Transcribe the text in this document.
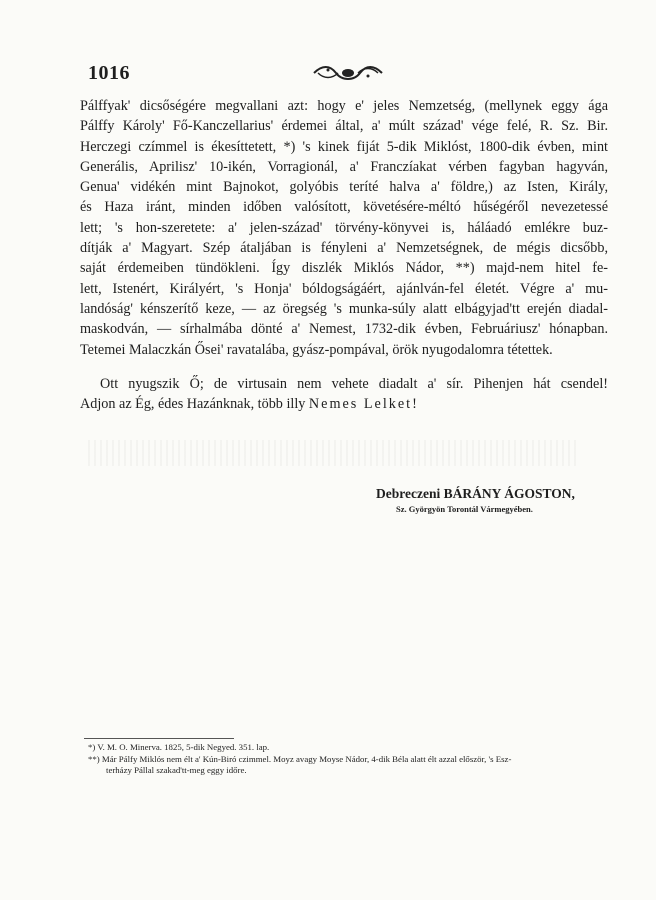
1016
Pálffyak' dicsőségére megvallani azt: hogy e' jeles Nemzetség, (mellynek eggy ága
Pálffy Károly' Fő-Kanczellarius' érdemei által, a' múlt század' vége felé, R. Sz. Bir.
Herczegi czímmel is ékesíttetett, *) 's kinek fiját 5-dik Miklóst, 1800-dik évben, mint
Generális, Aprilisz' 10-ikén, Vorragionál, a' Franczíakat vérben fagyban hagyván,
Genua' vidékén mint Bajnokot, golyóbis teríté halva a' földre,) az Isten, Király,
és Haza iránt, minden időben valósított, követésére-méltó hűségéről nevezetessé
lett; 's hon-szeretete: a' jelen-század' törvény-könyvei is, háláadó emlékre buz-
dítják a' Magyart. Szép átaljában is fényleni a' Nemzetségnek, de mégis dicsőbb,
saját érdemeiben tündökleni. Így diszlék Miklós Nádor, **) majd-nem hitel fe-
lett, Istenért, Királyért, 's Honja' bóldogságáért, ajánlván-fel életét. Végre a' mu-
landóság' kénszerítő keze, — az öregség 's munka-súly alatt elbágyjad'tt erején diadal-
maskodván, — sírhalmába dönté a' Nemest, 1732-dik évben, Februáriusz' hónapban.
Tetemei Malaczkán Ősei' ravatalába, gyász-pompával, örök nyugodalomra tétettek.
Ott nyugszik Ő; de virtusain nem vehete diadalt a' sír. Pihenjen hát csendel!
Adjon az Ég, édes Hazánknak, több illy Nemes Lelket!
Debreczeni BÁRÁNY ÁGOSTON,
Sz. Györgyön Torontál Vármegyében.
*) V. M. O. Minerva. 1825, 5-dik Negyed. 351. lap.
**) Már Pálfy Miklós nem élt a' Kún-Biró czimmel. Moyz avagy Moyse Nádor, 4-dik Béla alatt élt azzal először, 's Esz-
terházy Pállal szakad'tt-meg eggy időre.
